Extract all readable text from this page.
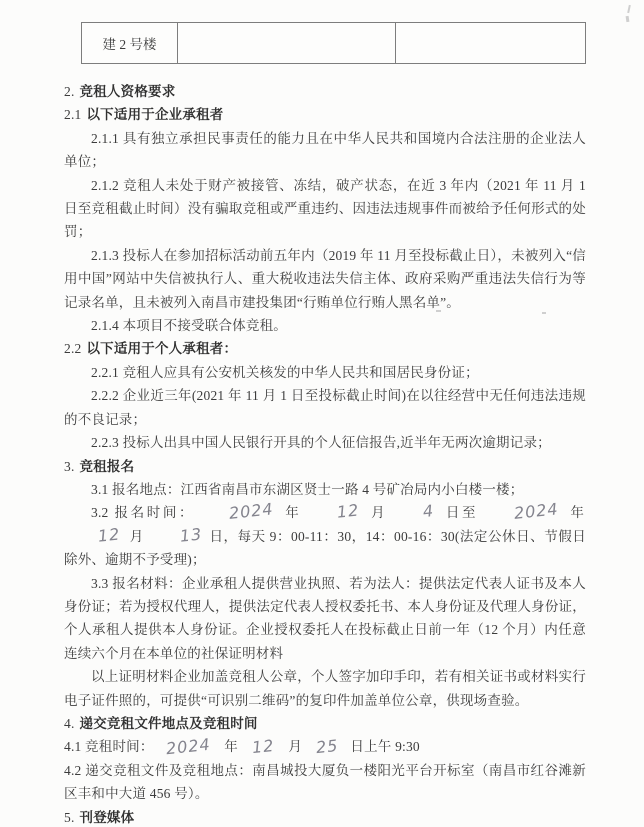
建 2 号楼

2. 竞租人资格要求

2.1 以下适用于企业承租者

2.1.1 具有独立承担民事责任的能力且在中华人民共和国境内合法注册的企业法人单位；

2.1.2 竞租人未处于财产被接管、冻结，破产状态，在近 3 年内（2021 年 11 月 1 日至竞租截止时间）没有骗取竞租或严重违约、因违法违规事件而被给予任何形式的处罚；

2.1.3 投标人在参加招标活动前五年内（2019 年 11 月至投标截止日），未被列入“信用中国”网站中失信被执行人、重大税收违法失信主体、政府采购严重违法失信行为等记录名单，且未被列入南昌市建投集团“行贿单位行贿人黑名单”。

2.1.4 本项目不接受联合体竞租。

2.2 以下适用于个人承租者：

2.2.1 竞租人应具有公安机关核发的中华人民共和国居民身份证；

2.2.2 企业近三年(2021 年 11 月 1 日至投标截止时间)在以往经营中无任何违法违规的不良记录；

2.2.3 投标人出具中国人民银行开具的个人征信报告,近半年无两次逾期记录；

3. 竞租报名

3.1 报名地点：江西省南昌市东湖区贤士一路 4 号矿冶局内小白楼一楼；

3.2 报名时间： 2024 年 12 月 4 日至 2024 年12 月 13 日，每天 9：00-11：30，14：00-16：30(法定公休日、节假日除外、逾期不予受理)；

3.3 报名材料：企业承租人提供营业执照、若为法人：提供法定代表人证书及本人身份证；若为授权代理人，提供法定代表人授权委托书、本人身份证及代理人身份证，个人承租人提供本人身份证。企业授权委托人在投标截止日前一年（12 个月）内任意连续六个月在本单位的社保证明材料

以上证明材料企业加盖竞租人公章，个人签字加印手印，若有相关证书或材料实行电子证件照的，可提供“可识别二维码”的复印件加盖单位公章，供现场查验。

4. 递交竞租文件地点及竞租时间

4.1 竞租时间： 2024 年 12 月 25 日上午 9:30

4.2 递交竞租文件及竞租地点：南昌城投大厦负一楼阳光平台开标室（南昌市红谷滩新区丰和中大道 456 号）。

5. 刊登媒体
